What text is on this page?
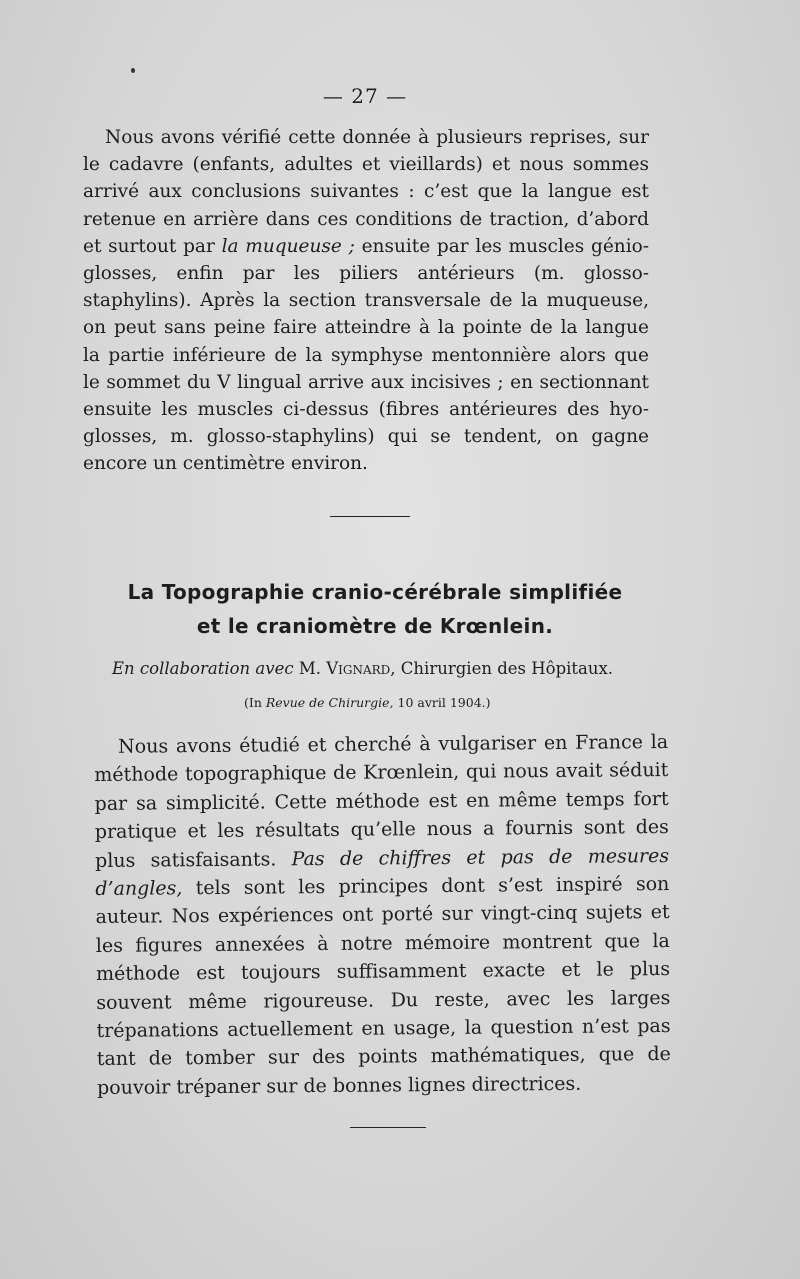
— 27 —

Nous avons vérifié cette donnée à plusieurs reprises, sur le cadavre (enfants, adultes et vieillards) et nous sommes arrivé aux conclusions suivantes : c’est que la langue est retenue en arrière dans ces conditions de traction, d’abord et surtout par la muqueuse ; ensuite par les muscles génio-glosses, enfin par les piliers antérieurs (m. glosso-staphylins). Après la section transversale de la muqueuse, on peut sans peine faire atteindre à la pointe de la langue la partie inférieure de la symphyse mentonnière alors que le sommet du V lingual arrive aux incisives ; en sectionnant ensuite les muscles ci-dessus (fibres antérieures des hyo-glosses, m. glosso-staphylins) qui se tendent, on gagne encore un centimètre environ.

La Topographie cranio-cérébrale simplifiée
et le craniomètre de Krœnlein.
En collaboration avec M. Vignard, Chirurgien des Hôpitaux.
(In Revue de Chirurgie, 10 avril 1904.)

Nous avons étudié et cherché à vulgariser en France la méthode topographique de Krœnlein, qui nous avait séduit par sa simplicité. Cette méthode est en même temps fort pratique et les résultats qu’elle nous a fournis sont des plus satisfaisants. Pas de chiffres et pas de mesures d’angles, tels sont les principes dont s’est inspiré son auteur. Nos expériences ont porté sur vingt-cinq sujets et les figures annexées à notre mémoire montrent que la méthode est toujours suffisamment exacte et le plus souvent même rigoureuse. Du reste, avec les larges trépanations actuellement en usage, la question n’est pas tant de tomber sur des points mathématiques, que de pouvoir trépaner sur de bonnes lignes directrices.
